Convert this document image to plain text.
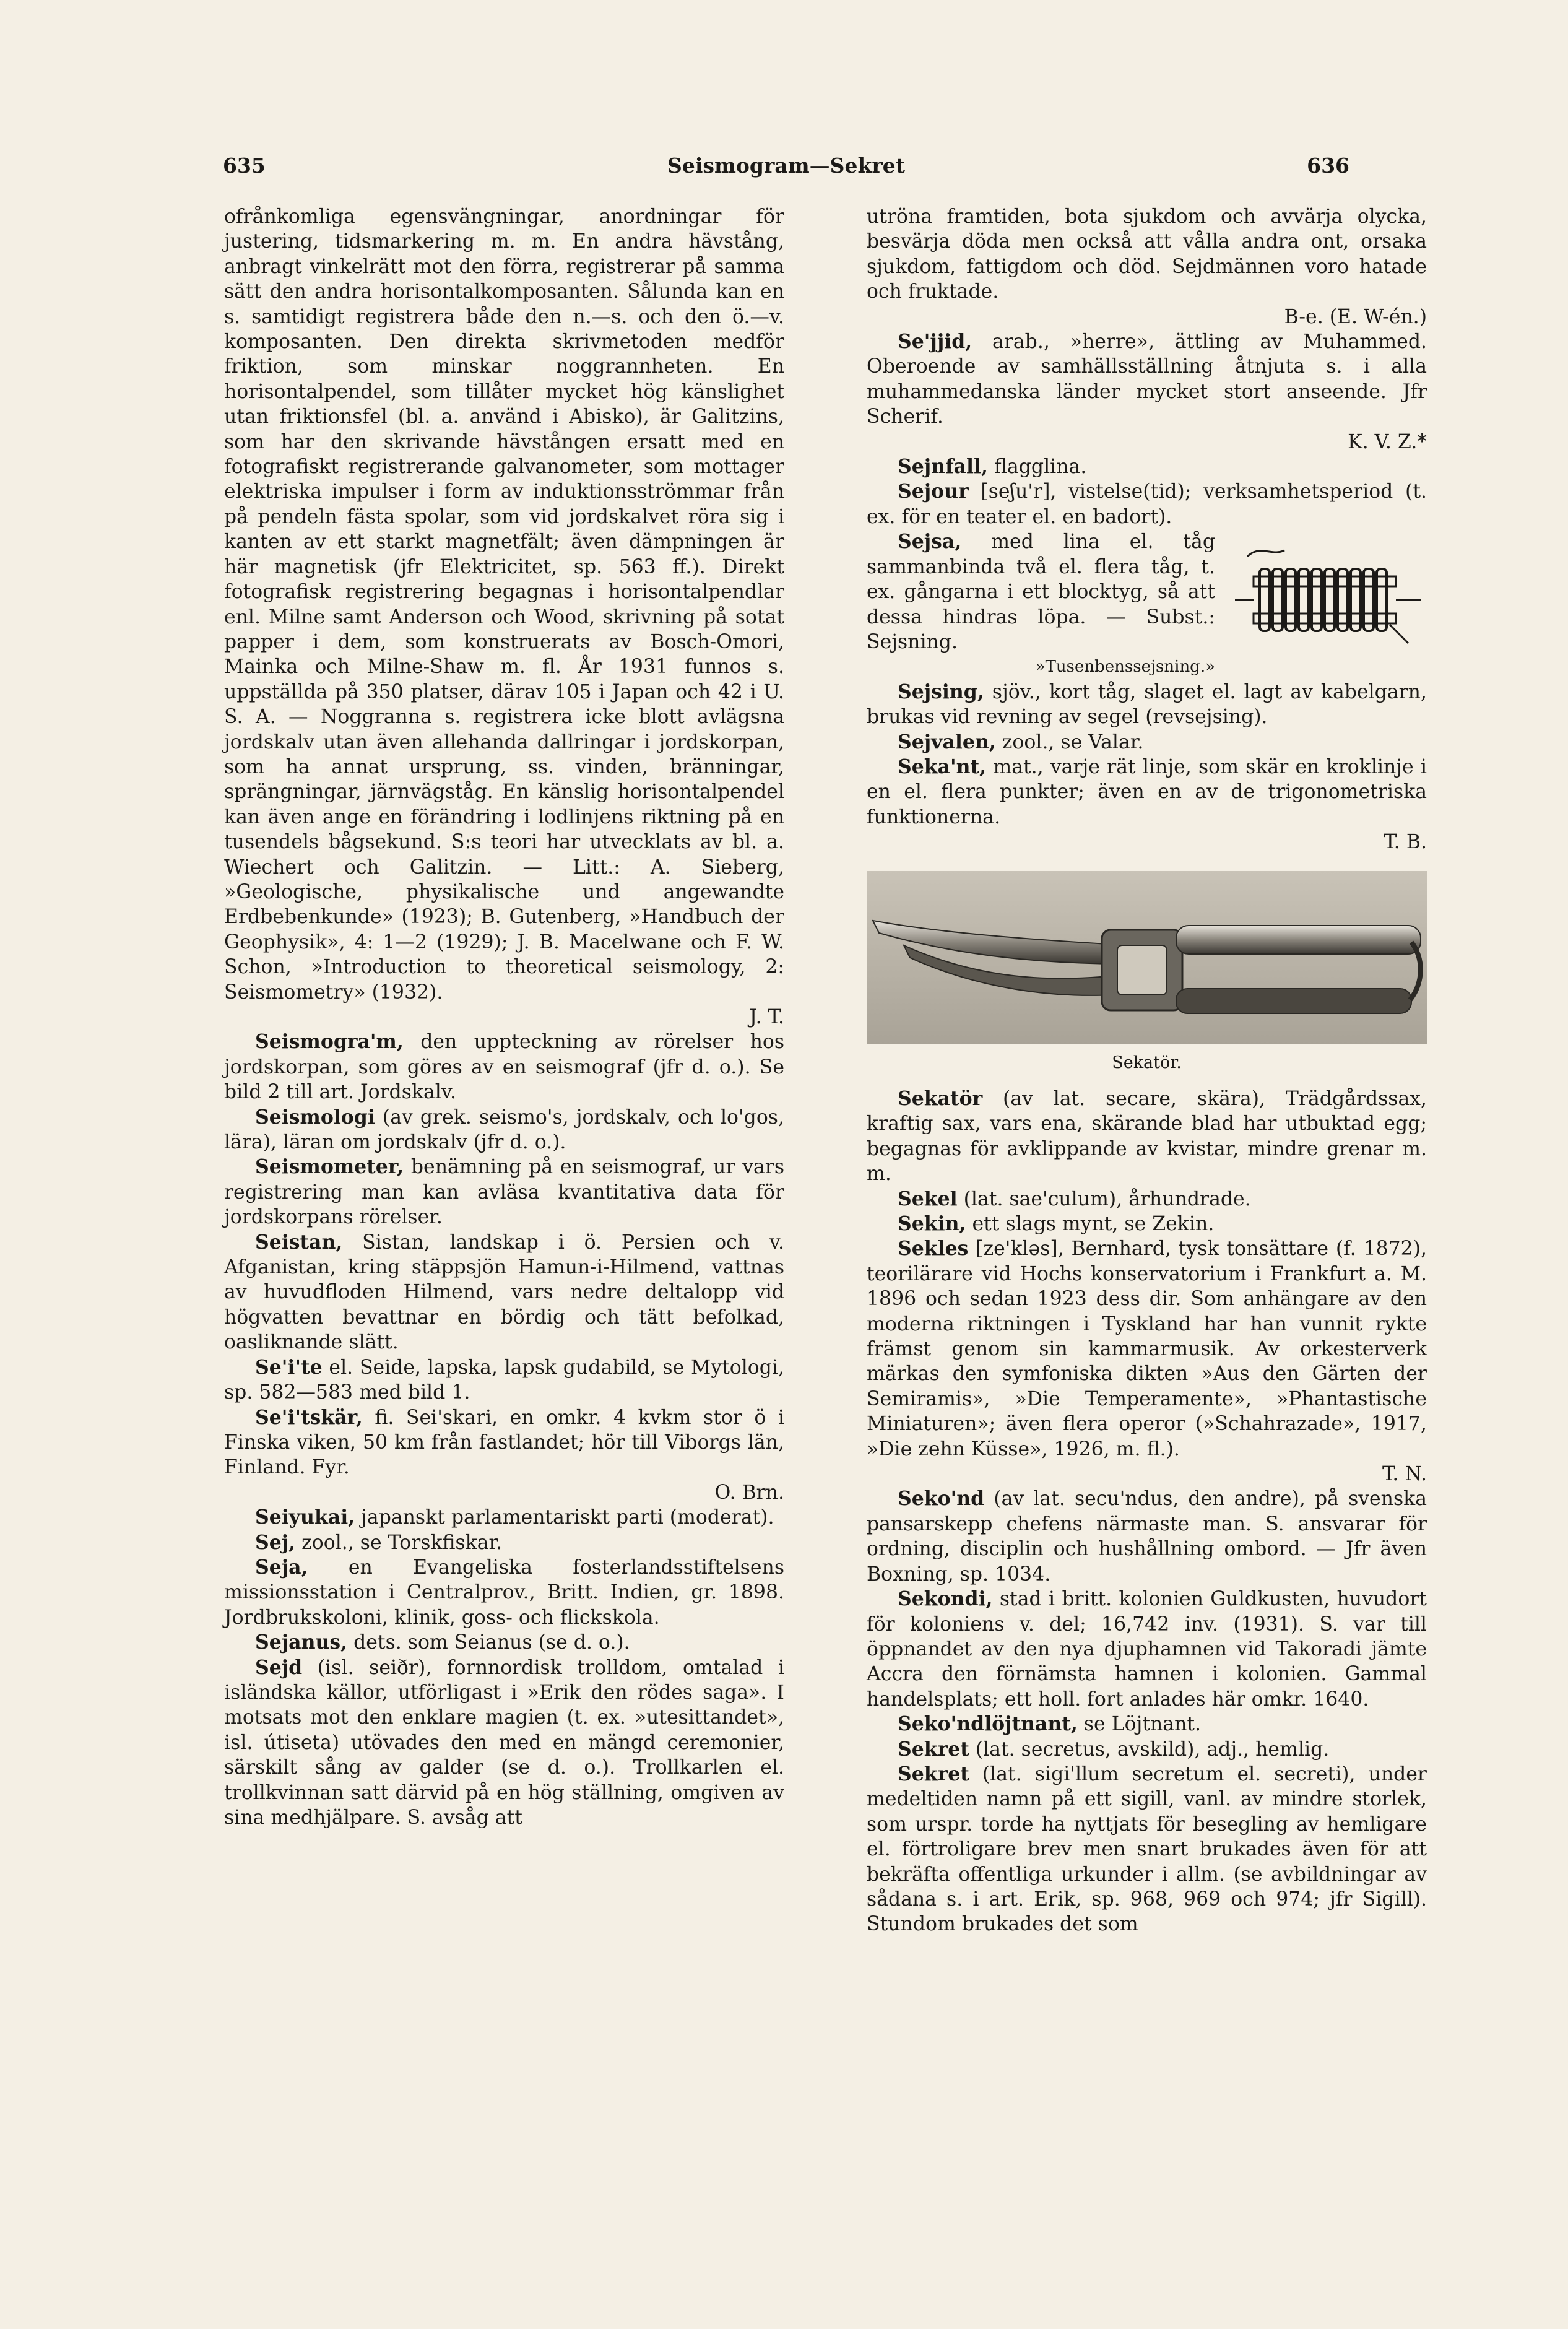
635	Seismogram—Sekret	636

ofrånkomliga egensvängningar, anordningar för justering, tidsmarkering m. m. En andra hävstång, anbragt vinkelrätt mot den förra, registrerar på samma sätt den andra horisontalkomposanten. Sålunda kan en s. samtidigt registrera både den n.—s. och den ö.—v. komposanten. Den direkta skrivmetoden medför friktion, som minskar noggrannheten. En horisontalpendel, som tillåter mycket hög känslighet utan friktionsfel (bl. a. använd i Abisko), är Galitzins, som har den skrivande hävstången ersatt med en fotografiskt registrerande galvanometer, som mottager elektriska impulser i form av induktionsströmmar från på pendeln fästa spolar, som vid jordskalvet röra sig i kanten av ett starkt magnetfält; även dämpningen är här magnetisk (jfr Elektricitet, sp. 563 ff.). Direkt fotografisk registrering begagnas i horisontalpendlar enl. Milne samt Anderson och Wood, skrivning på sotat papper i dem, som konstruerats av Bosch-Omori, Mainka och Milne-Shaw m. fl. År 1931 funnos s. uppställda på 350 platser, därav 105 i Japan och 42 i U. S. A. — Noggranna s. registrera icke blott avlägsna jordskalv utan även allehanda dallringar i jordskorpan, som ha annat ursprung, ss. vinden, bränningar, sprängningar, järnvägståg. En känslig horisontalpendel kan även ange en förändring i lodlinjens riktning på en tusendels bågsekund. S:s teori har utvecklats av bl. a. Wiechert och Galitzin. — Litt.: A. Sieberg, »Geologische, physikalische und angewandte Erdbebenkunde» (1923); B. Gutenberg, »Handbuch der Geophysik», 4: 1—2 (1929); J. B. Macelwane och F. W. Schon, »Introduction to theoretical seismology, 2: Seismometry» (1932).
J. T.

Seismogra'm, den uppteckning av rörelser hos jordskorpan, som göres av en seismograf (jfr d. o.). Se bild 2 till art. Jordskalv.

Seismologi (av grek. seismo's, jordskalv, och lo'gos, lära), läran om jordskalv (jfr d. o.).

Seismometer, benämning på en seismograf, ur vars registrering man kan avläsa kvantitativa data för jordskorpans rörelser.

Seistan, Sistan, landskap i ö. Persien och v. Afganistan, kring stäppsjön Hamun-i-Hilmend, vattnas av huvudfloden Hilmend, vars nedre deltalopp vid högvatten bevattnar en bördig och tätt befolkad, oasliknande slätt.

Se'i'te el. Seide, lapska, lapsk gudabild, se Mytologi, sp. 582—583 med bild 1.

Se'i'tskär, fi. Sei'skari, en omkr. 4 kvkm stor ö i Finska viken, 50 km från fastlandet; hör till Viborgs län, Finland. Fyr.
O. Brn.

Seiyukai, japanskt parlamentariskt parti (moderat).

Sej, zool., se Torskfiskar.

Seja, en Evangeliska fosterlandsstiftelsens missionsstation i Centralprov., Britt. Indien, gr. 1898. Jordbrukskoloni, klinik, goss- och flickskola.

Sejanus, dets. som Seianus (se d. o.).

Sejd (isl. seiðr), fornnordisk trolldom, omtalad i isländska källor, utförligast i »Erik den rödes saga». I motsats mot den enklare magien (t. ex. »utesittandet», isl. útiseta) utövades den med en mängd ceremonier, särskilt sång av galder (se d. o.). Trollkarlen el. trollkvinnan satt därvid på en hög ställning, omgiven av sina medhjälpare. S. avsåg att

utröna framtiden, bota sjukdom och avvärja olycka, besvärja döda men också att vålla andra ont, orsaka sjukdom, fattigdom och död. Sejdmännen voro hatade och fruktade.
B-e. (E. W-én.)

Se'jjid, arab., »herre», ättling av Muhammed. Oberoende av samhällsställning åtnjuta s. i alla muhammedanska länder mycket stort anseende. Jfr Scherif.
K. V. Z.*

Sejnfall, flagglina.

Sejour [seʃu'r], vistelse(tid); verksamhetsperiod (t. ex. för en teater el. en badort).

Sejsa, med lina el. tåg sammanbinda två el. flera tåg, t. ex. gångarna i ett blocktyg, så att dessa hindras löpa. — Subst.: Sejsning.

»Tusenbenssejsning.»

Sejsing, sjöv., kort tåg, slaget el. lagt av kabelgarn, brukas vid revning av segel (revsejsing).

Sejvalen, zool., se Valar.

Seka'nt, mat., varje rät linje, som skär en kroklinje i en el. flera punkter; även en av de trigonometriska funktionerna.
T. B.

Sekatör.

Sekatör (av lat. secare, skära), Trädgårdssax, kraftig sax, vars ena, skärande blad har utbuktad egg; begagnas för avklippande av kvistar, mindre grenar m. m.

Sekel (lat. sae'culum), århundrade.

Sekin, ett slags mynt, se Zekin.

Sekles [ze'kləs], Bernhard, tysk tonsättare (f. 1872), teorilärare vid Hochs konservatorium i Frankfurt a. M. 1896 och sedan 1923 dess dir. Som anhängare av den moderna riktningen i Tyskland har han vunnit rykte främst genom sin kammarmusik. Av orkesterverk märkas den symfoniska dikten »Aus den Gärten der Semiramis», »Die Temperamente», »Phantastische Miniaturen»; även flera operor (»Schahrazade», 1917, »Die zehn Küsse», 1926, m. fl.).
T. N.

Seko'nd (av lat. secu'ndus, den andre), på svenska pansarskepp chefens närmaste man. S. ansvarar för ordning, disciplin och hushållning ombord. — Jfr även Boxning, sp. 1034.

Sekondi, stad i britt. kolonien Guldkusten, huvudort för koloniens v. del; 16,742 inv. (1931). S. var till öppnandet av den nya djuphamnen vid Takoradi jämte Accra den förnämsta hamnen i kolonien. Gammal handelsplats; ett holl. fort anlades här omkr. 1640.

Seko'ndlöjtnant, se Löjtnant.

Sekret (lat. secretus, avskild), adj., hemlig.

Sekret (lat. sigi'llum secretum el. secreti), under medeltiden namn på ett sigill, vanl. av mindre storlek, som urspr. torde ha nyttjats för besegling av hemligare el. förtroligare brev men snart brukades även för att bekräfta offentliga urkunder i allm. (se avbildningar av sådana s. i art. Erik, sp. 968, 969 och 974; jfr Sigill). Stundom brukades det som
